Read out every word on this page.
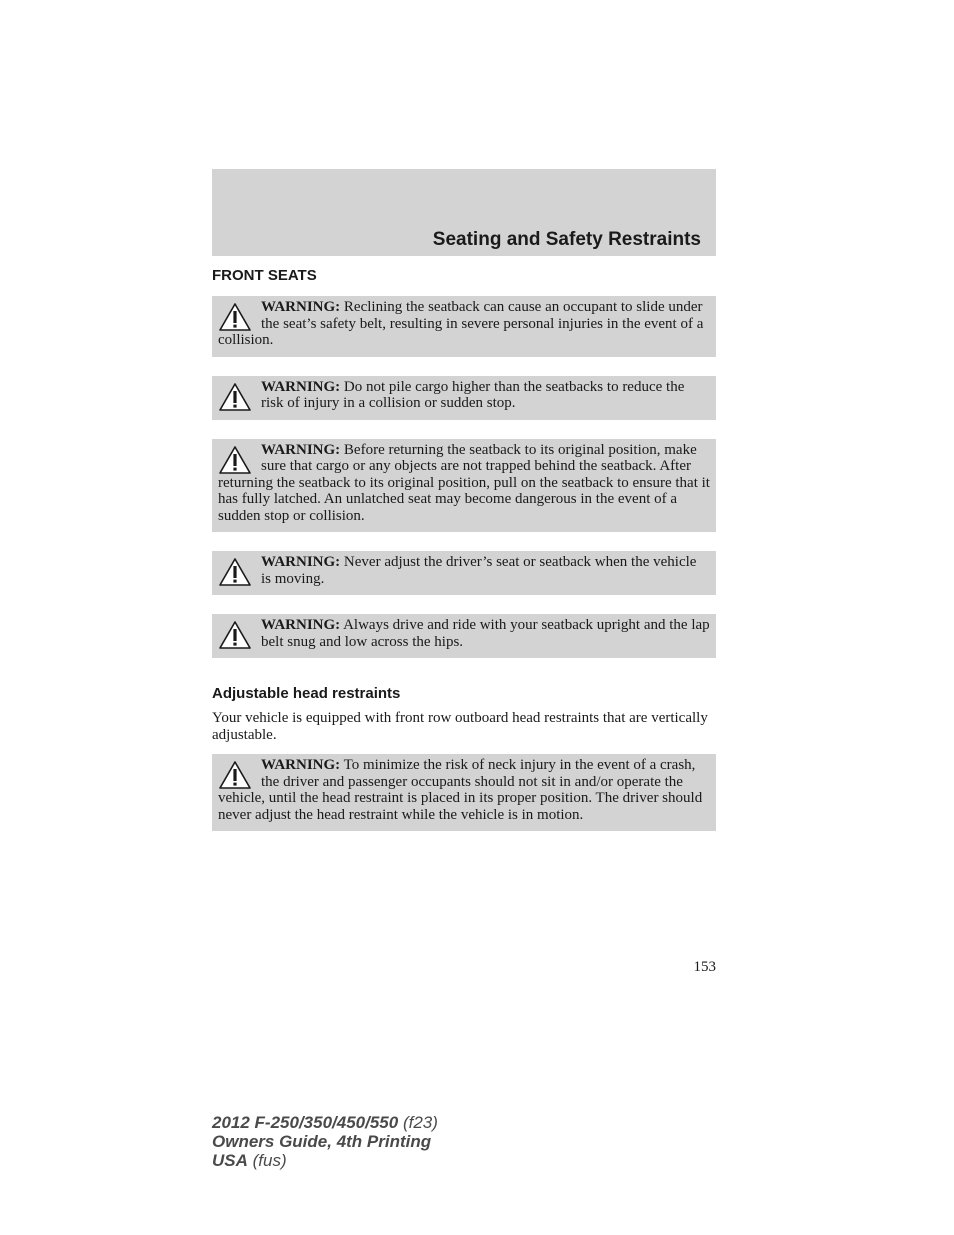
Seating and Safety Restraints
FRONT SEATS
WARNING: Reclining the seatback can cause an occupant to slide under the seat’s safety belt, resulting in severe personal injuries in the event of a collision.
WARNING: Do not pile cargo higher than the seatbacks to reduce the risk of injury in a collision or sudden stop.
WARNING: Before returning the seatback to its original position, make sure that cargo or any objects are not trapped behind the seatback. After returning the seatback to its original position, pull on the seatback to ensure that it has fully latched. An unlatched seat may become dangerous in the event of a sudden stop or collision.
WARNING: Never adjust the driver’s seat or seatback when the vehicle is moving.
WARNING: Always drive and ride with your seatback upright and the lap belt snug and low across the hips.
Adjustable head restraints

Your vehicle is equipped with front row outboard head restraints that are vertically adjustable.

WARNING: To minimize the risk of neck injury in the event of a crash, the driver and passenger occupants should not sit in and/or operate the vehicle, until the head restraint is placed in its proper position. The driver should never adjust the head restraint while the vehicle is in motion.
153
2012 F-250/350/450/550 (f23)
Owners Guide, 4th Printing
USA (fus)
